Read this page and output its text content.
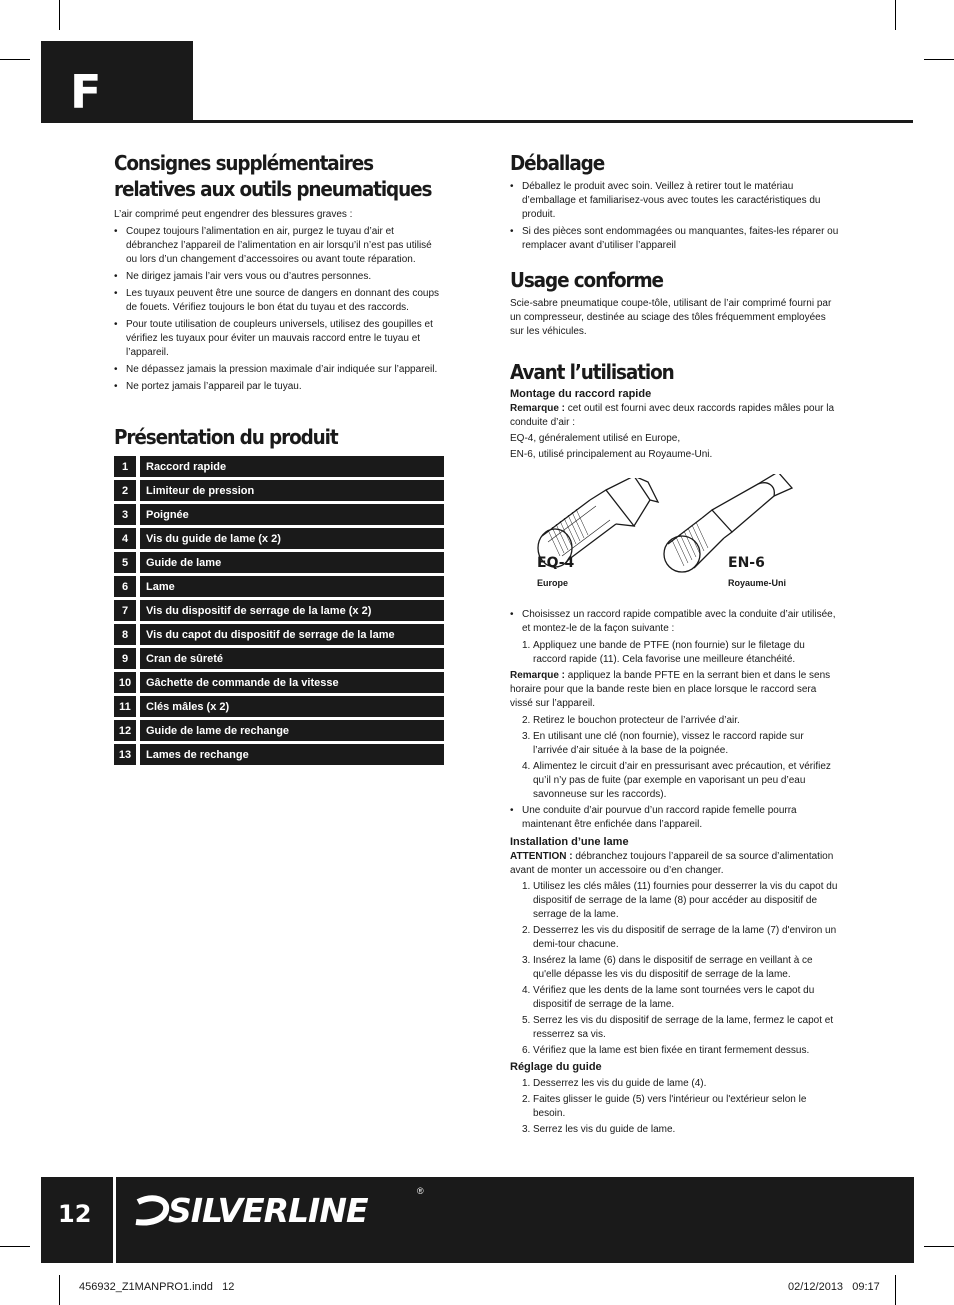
F
Consignes supplémentaires relatives aux outils pneumatiques

L’air comprimé peut engendrer des blessures graves :

• Coupez toujours l’alimentation en air, purgez le tuyau d’air et débranchez l’appareil de l’alimentation en air lorsqu’il n’est pas utilisé ou lors d’un changement d’accessoires ou avant toute réparation.
• Ne dirigez jamais l’air vers vous ou d’autres personnes.
• Les tuyaux peuvent être une source de dangers en donnant des coups de fouets. Vérifiez toujours le bon état du tuyau et des raccords.
• Pour toute utilisation de coupleurs universels, utilisez des goupilles et vérifiez les tuyaux pour éviter un mauvais raccord entre le tuyau et l’appareil.
• Ne dépassez jamais la pression maximale d’air indiquée sur l’appareil.
• Ne portez jamais l’appareil par le tuyau.
Présentation du produit
1	Raccord rapide
2	Limiteur de pression
3	Poignée
4	Vis du guide de lame (x 2)
5	Guide de lame
6	Lame
7	Vis du dispositif de serrage de la lame (x 2)
8	Vis du capot du dispositif de serrage de la lame
9	Cran de sûreté
10	Gâchette de commande de la vitesse
11	Clés mâles (x 2)
12	Guide de lame de rechange
13	Lames de rechange
Déballage
• Déballez le produit avec soin. Veillez à retirer tout le matériau d’emballage et familiarisez-vous avec toutes les caractéristiques du produit.
• Si des pièces sont endommagées ou manquantes, faites-les réparer ou remplacer avant d’utiliser l’appareil
Usage conforme

Scie-sabre pneumatique coupe-tôle, utilisant de l’air comprimé fourni par un compresseur, destinée au sciage des tôles fréquemment employées sur les véhicules.

Avant l’utilisation
Montage du raccord rapide

Remarque : cet outil est fourni avec deux raccords rapides mâles pour la conduite d’air :

EQ-4, généralement utilisé en Europe,

EN-6, utilisé principalement au Royaume-Uni.

EQ-4
Europe
EN-6
Royaume-Uni
• Choisissez un raccord rapide compatible avec la conduite d’air utilisée, et montez-le de la façon suivante :
1. Appliquez une bande de PTFE (non fournie) sur le filetage du raccord rapide (11). Cela favorise une meilleure étanchéité.

Remarque : appliquez la bande PFTE en la serrant bien et dans le sens horaire pour que la bande reste bien en place lorsque le raccord sera vissé sur l’appareil.

2. Retirez le bouchon protecteur de l’arrivée d’air.
3. En utilisant une clé (non fournie), vissez le raccord rapide sur l’arrivée d’air située à la base de la poignée.
4. Alimentez le circuit d’air en pressurisant avec précaution, et vérifiez qu’il n’y pas de fuite (par exemple en vaporisant un peu d’eau savonneuse sur les raccords).
• Une conduite d’air pourvue d’un raccord rapide femelle pourra maintenant être enfichée dans l’appareil.
Installation d’une lame

ATTENTION : débranchez toujours l’appareil de sa source d’alimentation avant de monter un accessoire ou d’en changer.

1. Utilisez les clés mâles (11) fournies pour desserrer la vis du capot du dispositif de serrage de la lame (8) pour accéder au dispositif de serrage de la lame.
2. Desserrez les vis du dispositif de serrage de la lame (7) d'environ un demi-tour chacune.
3. Insérez la lame (6) dans le dispositif de serrage en veillant à ce qu'elle dépasse les vis du dispositif de serrage de la lame.
4. Vérifiez que les dents de la lame sont tournées vers le capot du dispositif de serrage de la lame.
5. Serrez les vis du dispositif de serrage de la lame, fermez le capot et resserrez sa vis.
6. Vérifiez que la lame est bien fixée en tirant fermement dessus.
Réglage du guide
1. Desserrez les vis du guide de lame (4).
2. Faites glisser le guide (5) vers l'intérieur ou l'extérieur selon le besoin.
3. Serrez les vis du guide de lame.
12 SILVERLINE	®
456932_Z1MANPRO1.indd   12	02/12/2013   09:17
